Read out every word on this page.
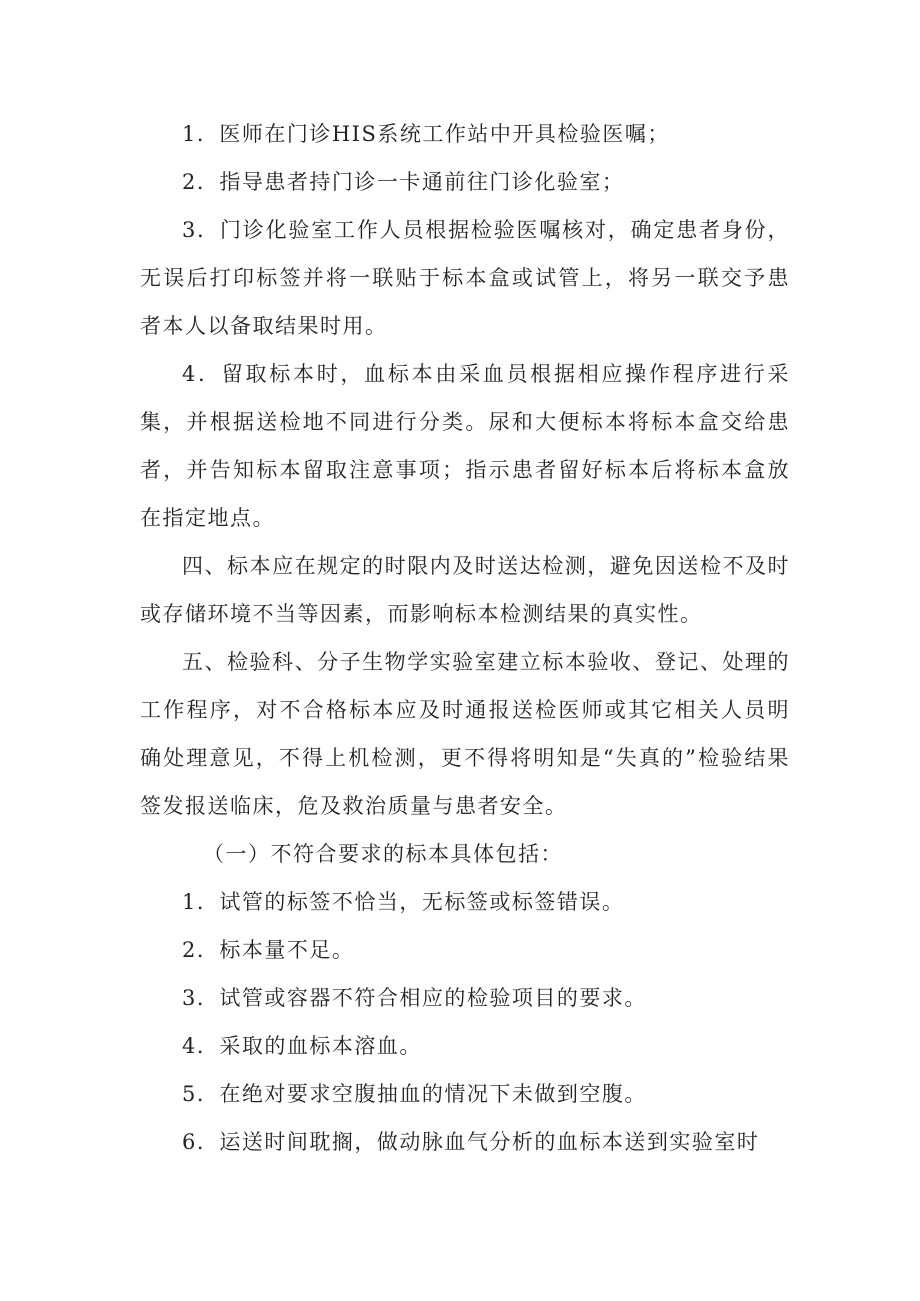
1．医师在门诊HIS系统工作站中开具检验医嘱；

2．指导患者持门诊一卡通前往门诊化验室；

3．门诊化验室工作人员根据检验医嘱核对，确定患者身份，无误后打印标签并将一联贴于标本盒或试管上，将另一联交予患者本人以备取结果时用。

4．留取标本时，血标本由采血员根据相应操作程序进行采集，并根据送检地不同进行分类。尿和大便标本将标本盒交给患者，并告知标本留取注意事项；指示患者留好标本后将标本盒放在指定地点。

四、标本应在规定的时限内及时送达检测，避免因送检不及时或存储环境不当等因素，而影响标本检测结果的真实性。

五、检验科、分子生物学实验室建立标本验收、登记、处理的工作程序，对不合格标本应及时通报送检医师或其它相关人员明确处理意见，不得上机检测，更不得将明知是“失真的”检验结果签发报送临床，危及救治质量与患者安全。

（一）不符合要求的标本具体包括：

1．试管的标签不恰当，无标签或标签错误。

2．标本量不足。

3．试管或容器不符合相应的检验项目的要求。

4．采取的血标本溶血。

5．在绝对要求空腹抽血的情况下未做到空腹。

6．运送时间耽搁，做动脉血气分析的血标本送到实验室时
